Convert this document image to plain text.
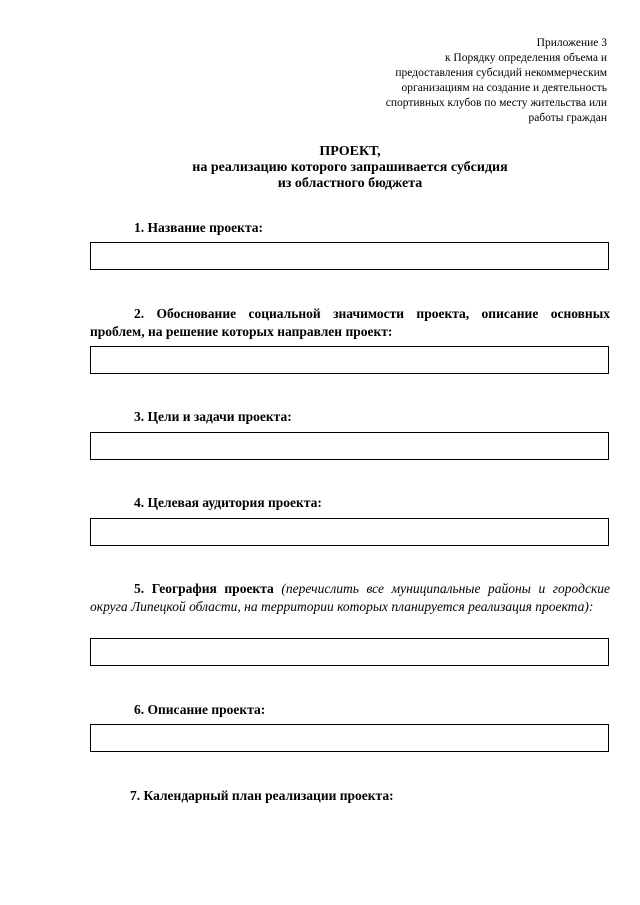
Приложение 3
к Порядку определения объема и
предоставления субсидий некоммерческим
организациям на создание и деятельность
спортивных клубов по месту жительства или
работы граждан
ПРОЕКТ,
на реализацию которого запрашивается субсидия
из областного бюджета
1. Название проекта:
2. Обоснование социальной значимости проекта, описание основных проблем, на решение которых направлен проект:
3. Цели и задачи проекта:
4. Целевая аудитория проекта:
5. География проекта (перечислить все муниципальные районы и городские округа Липецкой области, на территории которых планируется реализация проекта):
6. Описание проекта:
7. Календарный план реализации проекта:
